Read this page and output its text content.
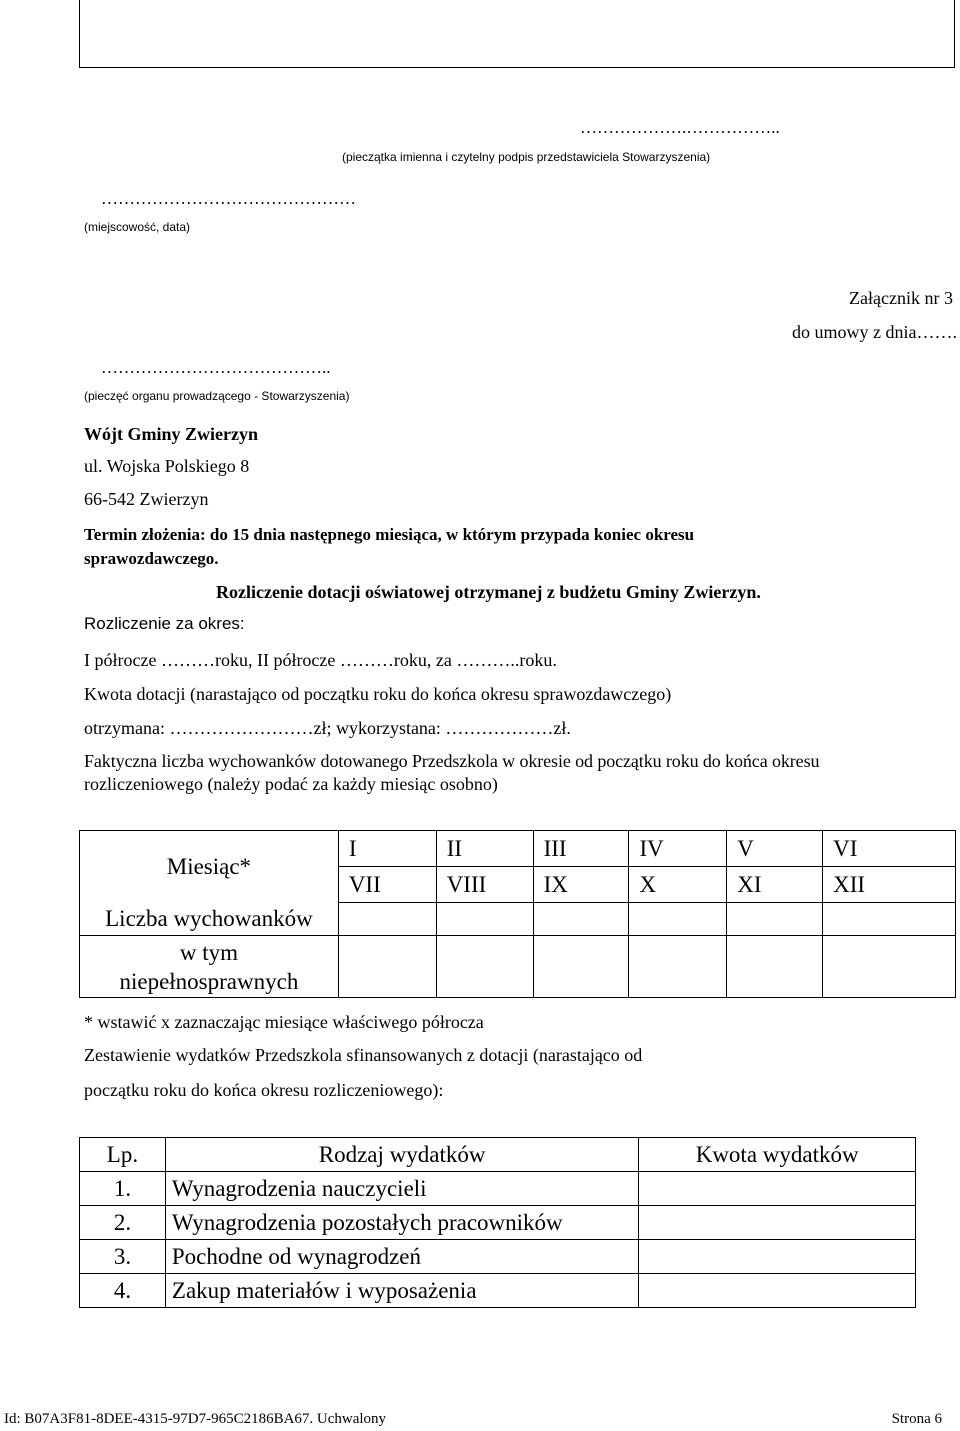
……………….……………..
(pieczątka imienna i czytelny podpis przedstawiciela Stowarzyszenia)
………………………………………
(miejscowość, data)
Załącznik nr 3
do umowy z dnia…….
…………………………………..
(pieczęć organu prowadzącego - Stowarzyszenia)
Wójt Gminy Zwierzyn
ul. Wojska Polskiego 8
66-542 Zwierzyn
Termin złożenia: do 15 dnia następnego miesiąca, w którym przypada koniec okresu
sprawozdawczego.
Rozliczenie dotacji oświatowej otrzymanej z budżetu Gminy Zwierzyn.
Rozliczenie za okres:
I półrocze ………roku, II półrocze ………roku, za ………..roku.
Kwota dotacji (narastająco od początku roku do końca okresu sprawozdawczego)
otrzymana: ……………………zł; wykorzystana: ………………zł.
Faktyczna liczba wychowanków dotowanego Przedszkola w okresie od początku roku do końca okresu
rozliczeniowego (należy podać za każdy miesiąc osobno)
Miesiąc*	I	II	III	IV	V	VI
	VII	VIII	IX	X	XI	XII
Liczba wychowanków						

w tym
niepełnosprawnych						

* wstawić x zaznaczając miesiące właściwego półrocza
Zestawienie wydatków Przedszkola sfinansowanych z dotacji (narastająco od
początku roku do końca okresu rozliczeniowego):
Lp.	Rodzaj wydatków	Kwota wydatków
1.	Wynagrodzenia nauczycieli	
2.	Wynagrodzenia pozostałych pracowników	
3.	Pochodne od wynagrodzeń	
4.	Zakup materiałów i wyposażenia	
Id: B07A3F81-8DEE-4315-97D7-965C2186BA67. Uchwalony	Strona 6
